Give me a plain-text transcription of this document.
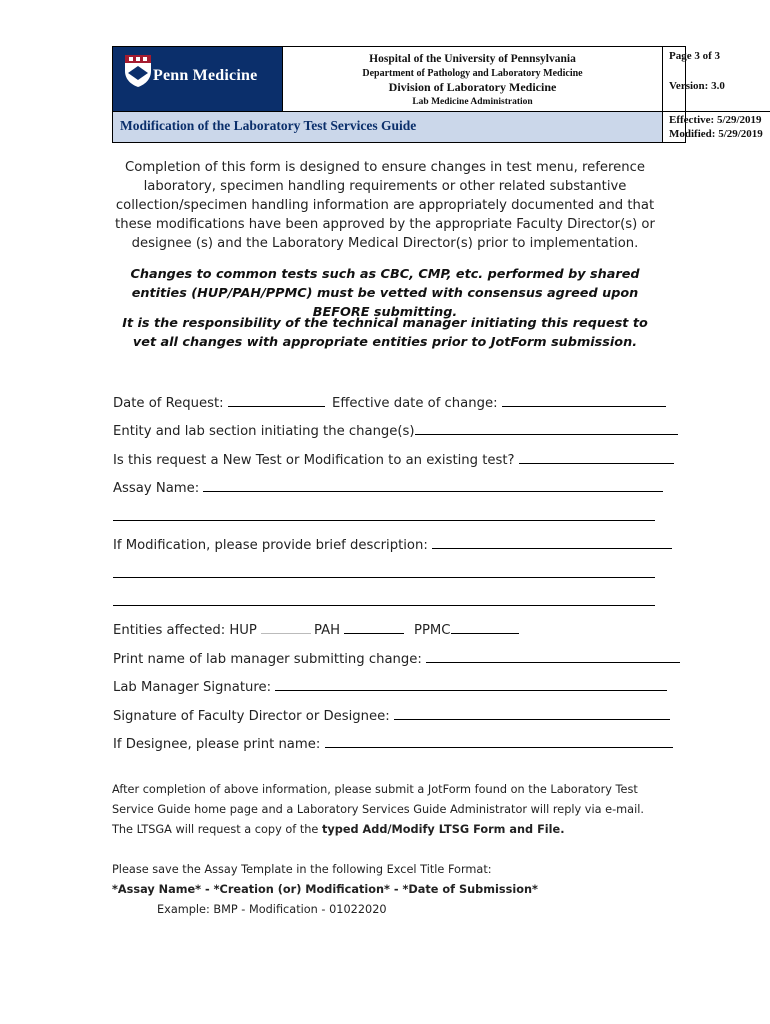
Penn Medicine
Hospital of the University of Pennsylvania
Department of Pathology and Laboratory Medicine
Division of Laboratory Medicine
Lab Medicine Administration
Page 3 of 3
Version: 3.0
Modification of the Laboratory Test Services Guide	Effective: 5/29/2019
Modified: 5/29/2019
Completion of this form is designed to ensure changes in test menu, reference laboratory, specimen handling requirements or other related substantive collection/specimen handling information are appropriately documented and that these modifications have been approved by the appropriate Faculty Director(s) or designee (s) and the Laboratory Medical Director(s) prior to implementation.
Changes to common tests such as CBC, CMP, etc. performed by shared entities (HUP/PAH/PPMC) must be vetted with consensus agreed upon BEFORE submitting.
It is the responsibility of the technical manager initiating this request to vet all changes with appropriate entities prior to JotForm submission.
Date of Request:	Effective date of change:
Entity and lab section initiating the change(s)
Is this request a New Test or Modification to an existing test?
Assay Name:
If Modification, please provide brief description:
Entities affected: HUP	PAH	PPMC
Print name of lab manager submitting change:
Lab Manager Signature:
Signature of Faculty Director or Designee:
If Designee, please print name:
After completion of above information, please submit a JotForm found on the Laboratory Test
Service Guide home page and a Laboratory Services Guide Administrator will reply via e-mail.
The LTSGA will request a copy of the typed Add/Modify LTSG Form and File.
Please save the Assay Template in the following Excel Title Format:
*Assay Name* - *Creation (or) Modification* - *Date of Submission*
Example: BMP - Modification - 01022020
